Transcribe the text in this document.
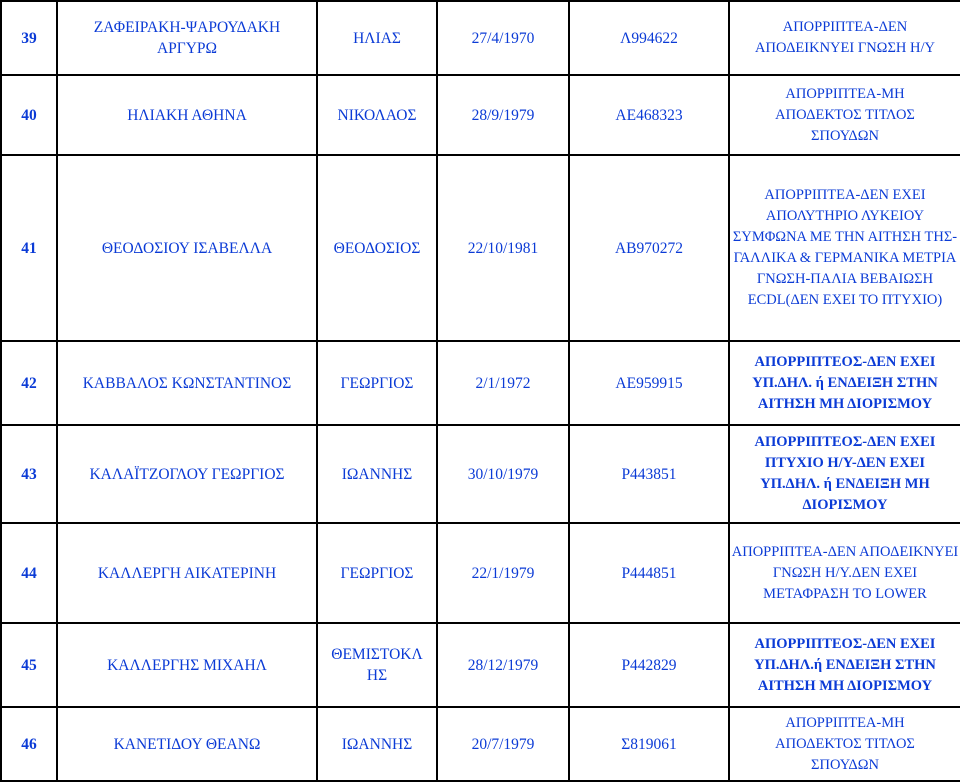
39	ΖΑΦΕΙΡΑΚΗ-ΨΑΡΟΥΔΑΚΗ ΑΡΓΥΡΩ	ΗΛΙΑΣ	27/4/1970	Λ994622	ΑΠΟΡΡΙΠΤΕΑ-ΔΕΝ ΑΠΟΔΕΙΚΝΥΕΙ ΓΝΩΣΗ Η/Υ
40	ΗΛΙΑΚΗ ΑΘΗΝΑ	ΝΙΚΟΛΑΟΣ	28/9/1979	ΑΕ468323	ΑΠΟΡΡΙΠΤΕΑ-ΜΗ ΑΠΟΔΕΚΤΟΣ ΤΙΤΛΟΣ ΣΠΟΥΔΩΝ
41	ΘΕΟΔΟΣΙΟΥ ΙΣΑΒΕΛΛΑ	ΘΕΟΔΟΣΙΟΣ	22/10/1981	ΑΒ970272	ΑΠΟΡΡΙΠΤΕΑ-ΔΕΝ ΕΧΕΙ ΑΠΟΛΥΤΗΡΙΟ ΛΥΚΕΙΟΥ ΣΥΜΦΩΝΑ ΜΕ ΤΗΝ ΑΙΤΗΣΗ ΤΗΣ-ΓΑΛΛΙΚΑ & ΓΕΡΜΑΝΙΚΑ ΜΕΤΡΙΑ ΓΝΩΣΗ-ΠΑΛΙΑ ΒΕΒΑΙΩΣΗ ECDL(ΔΕΝ ΕΧΕΙ ΤΟ ΠΤΥΧΙΟ)
42	ΚΑΒΒΑΛΟΣ ΚΩΝΣΤΑΝΤΙΝΟΣ	ΓΕΩΡΓΙΟΣ	2/1/1972	ΑΕ959915	ΑΠΟΡΡΙΠΤΕΟΣ-ΔΕΝ ΕΧΕΙ ΥΠ.ΔΗΛ. ή ΕΝΔΕΙΞΗ ΣΤΗΝ ΑΙΤΗΣΗ ΜΗ ΔΙΟΡΙΣΜΟΥ
43	ΚΑΛΑΪΤΖΟΓΛΟΥ ΓΕΩΡΓΙΟΣ	ΙΩΑΝΝΗΣ	30/10/1979	Ρ443851	ΑΠΟΡΡΙΠΤΕΟΣ-ΔΕΝ ΕΧΕΙ ΠΤΥΧΙΟ Η/Υ-ΔΕΝ ΕΧΕΙ ΥΠ.ΔΗΛ. ή ΕΝΔΕΙΞΗ ΜΗ ΔΙΟΡΙΣΜΟΥ
44	ΚΑΛΛΕΡΓΗ ΑΙΚΑΤΕΡΙΝΗ	ΓΕΩΡΓΙΟΣ	22/1/1979	Ρ444851	ΑΠΟΡΡΙΠΤΕΑ-ΔΕΝ ΑΠΟΔΕΙΚΝΥΕΙ ΓΝΩΣΗ Η/Υ.ΔΕΝ ΕΧΕΙ ΜΕΤΑΦΡΑΣΗ ΤΟ LOWER
45	ΚΑΛΛΕΡΓΗΣ ΜΙΧΑΗΛ	ΘΕΜΙΣΤΟΚΛΗΣ	28/12/1979	Ρ442829	ΑΠΟΡΡΙΠΤΕΟΣ-ΔΕΝ ΕΧΕΙ ΥΠ.ΔΗΛ.ή ΕΝΔΕΙΞΗ ΣΤΗΝ ΑΙΤΗΣΗ ΜΗ ΔΙΟΡΙΣΜΟΥ
46	ΚΑΝΕΤΙΔΟΥ ΘΕΑΝΩ	ΙΩΑΝΝΗΣ	20/7/1979	Σ819061	ΑΠΟΡΡΙΠΤΕΑ-ΜΗ ΑΠΟΔΕΚΤΟΣ ΤΙΤΛΟΣ ΣΠΟΥΔΩΝ
